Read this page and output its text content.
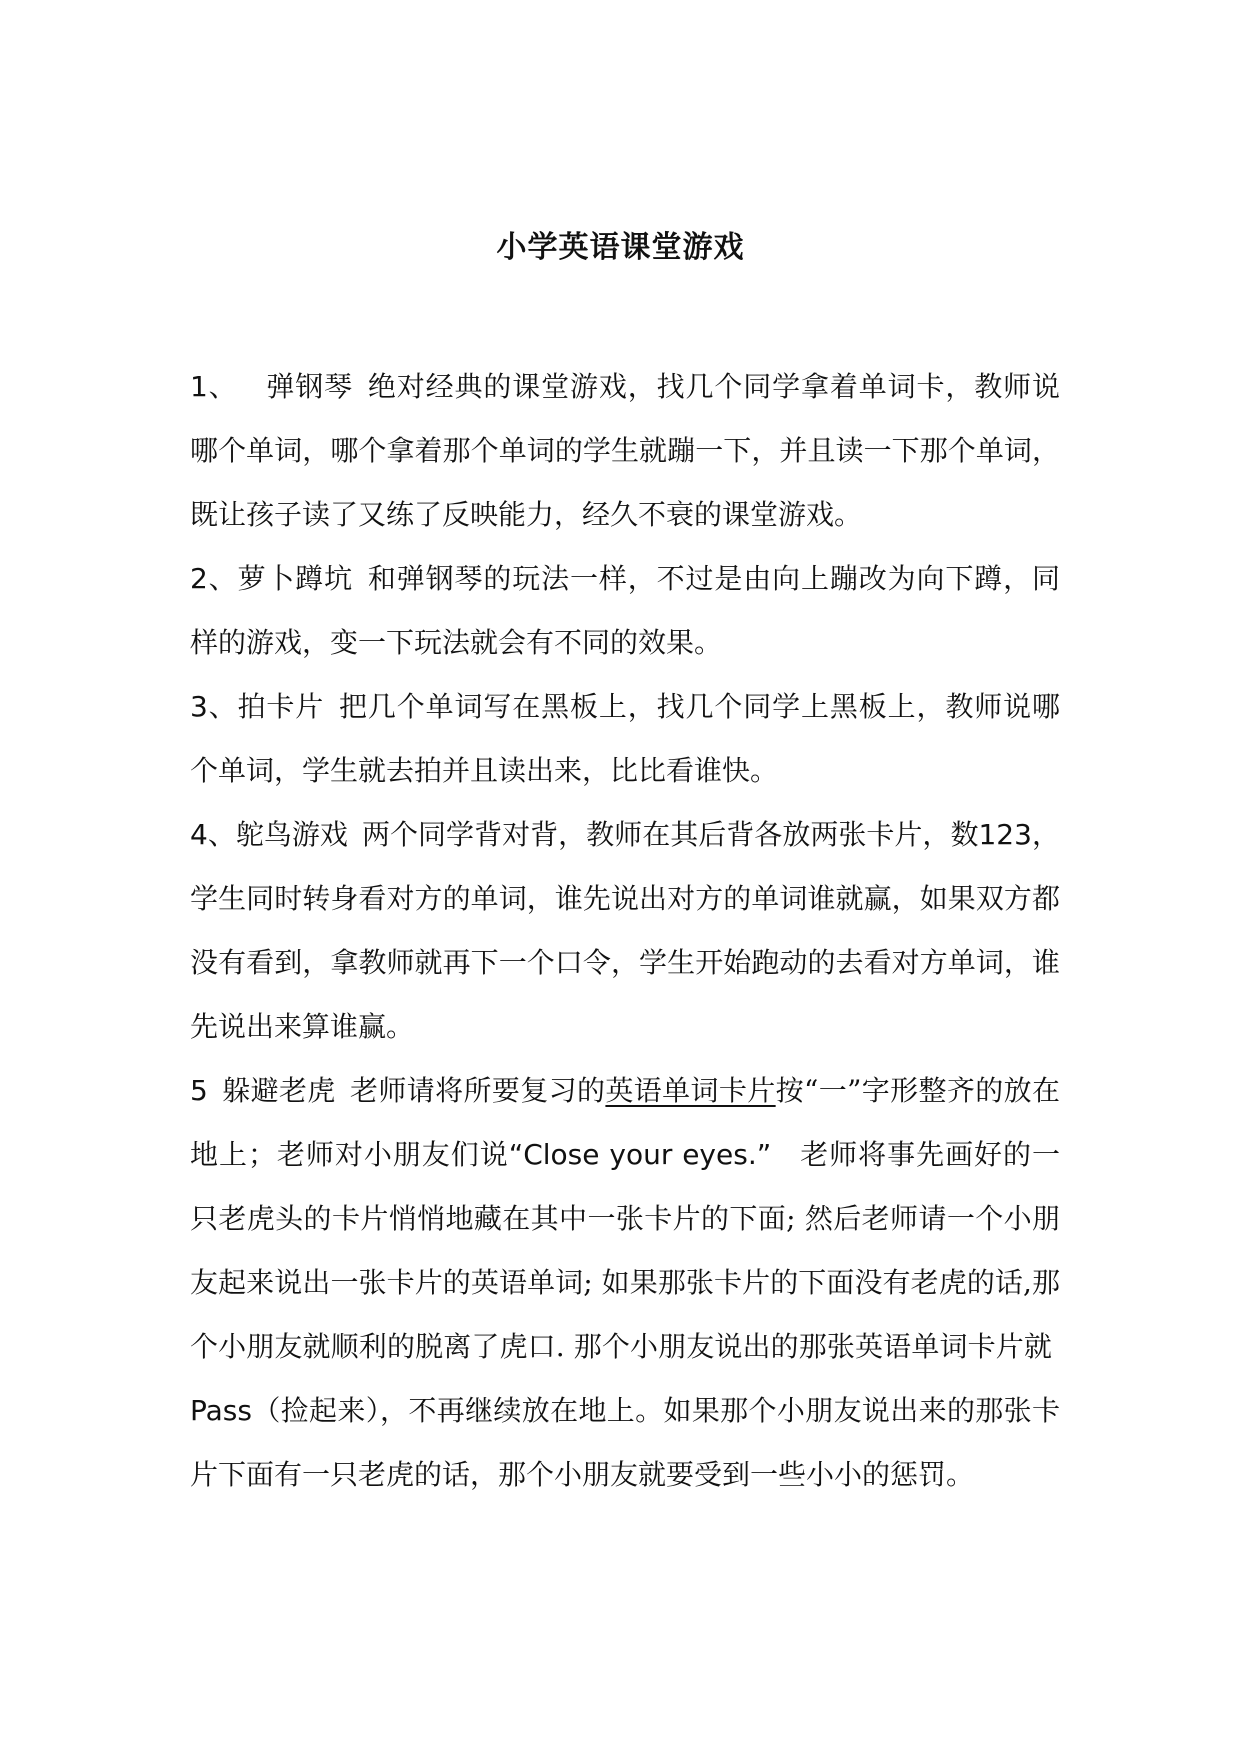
小学英语课堂游戏

1、 弹钢琴 绝对经典的课堂游戏，找几个同学拿着单词卡，教师说哪个单词，哪个拿着那个单词的学生就蹦一下，并且读一下那个单词，既让孩子读了又练了反映能力，经久不衰的课堂游戏。

2、萝卜蹲坑 和弹钢琴的玩法一样，不过是由向上蹦改为向下蹲，同样的游戏，变一下玩法就会有不同的效果。

3、拍卡片 把几个单词写在黑板上，找几个同学上黑板上，教师说哪个单词，学生就去拍并且读出来，比比看谁快。

4、鸵鸟游戏 两个同学背对背，教师在其后背各放两张卡片，数123，学生同时转身看对方的单词，谁先说出对方的单词谁就赢，如果双方都没有看到，拿教师就再下一个口令，学生开始跑动的去看对方单词，谁先说出来算谁赢。

5 躲避老虎 老师请将所要复习的英语单词卡片按“一”字形整齐的放在地上；老师对小朋友们说“Close your eyes.” 老师将事先画好的一只老虎头的卡片悄悄地藏在其中一张卡片的下面; 然后老师请一个小朋友起来说出一张卡片的英语单词; 如果那张卡片的下面没有老虎的话,那个小朋友就顺利的脱离了虎口. 那个小朋友说出的那张英语单词卡片就Pass（捡起来），不再继续放在地上。如果那个小朋友说出来的那张卡片下面有一只老虎的话，那个小朋友就要受到一些小小的惩罚。
